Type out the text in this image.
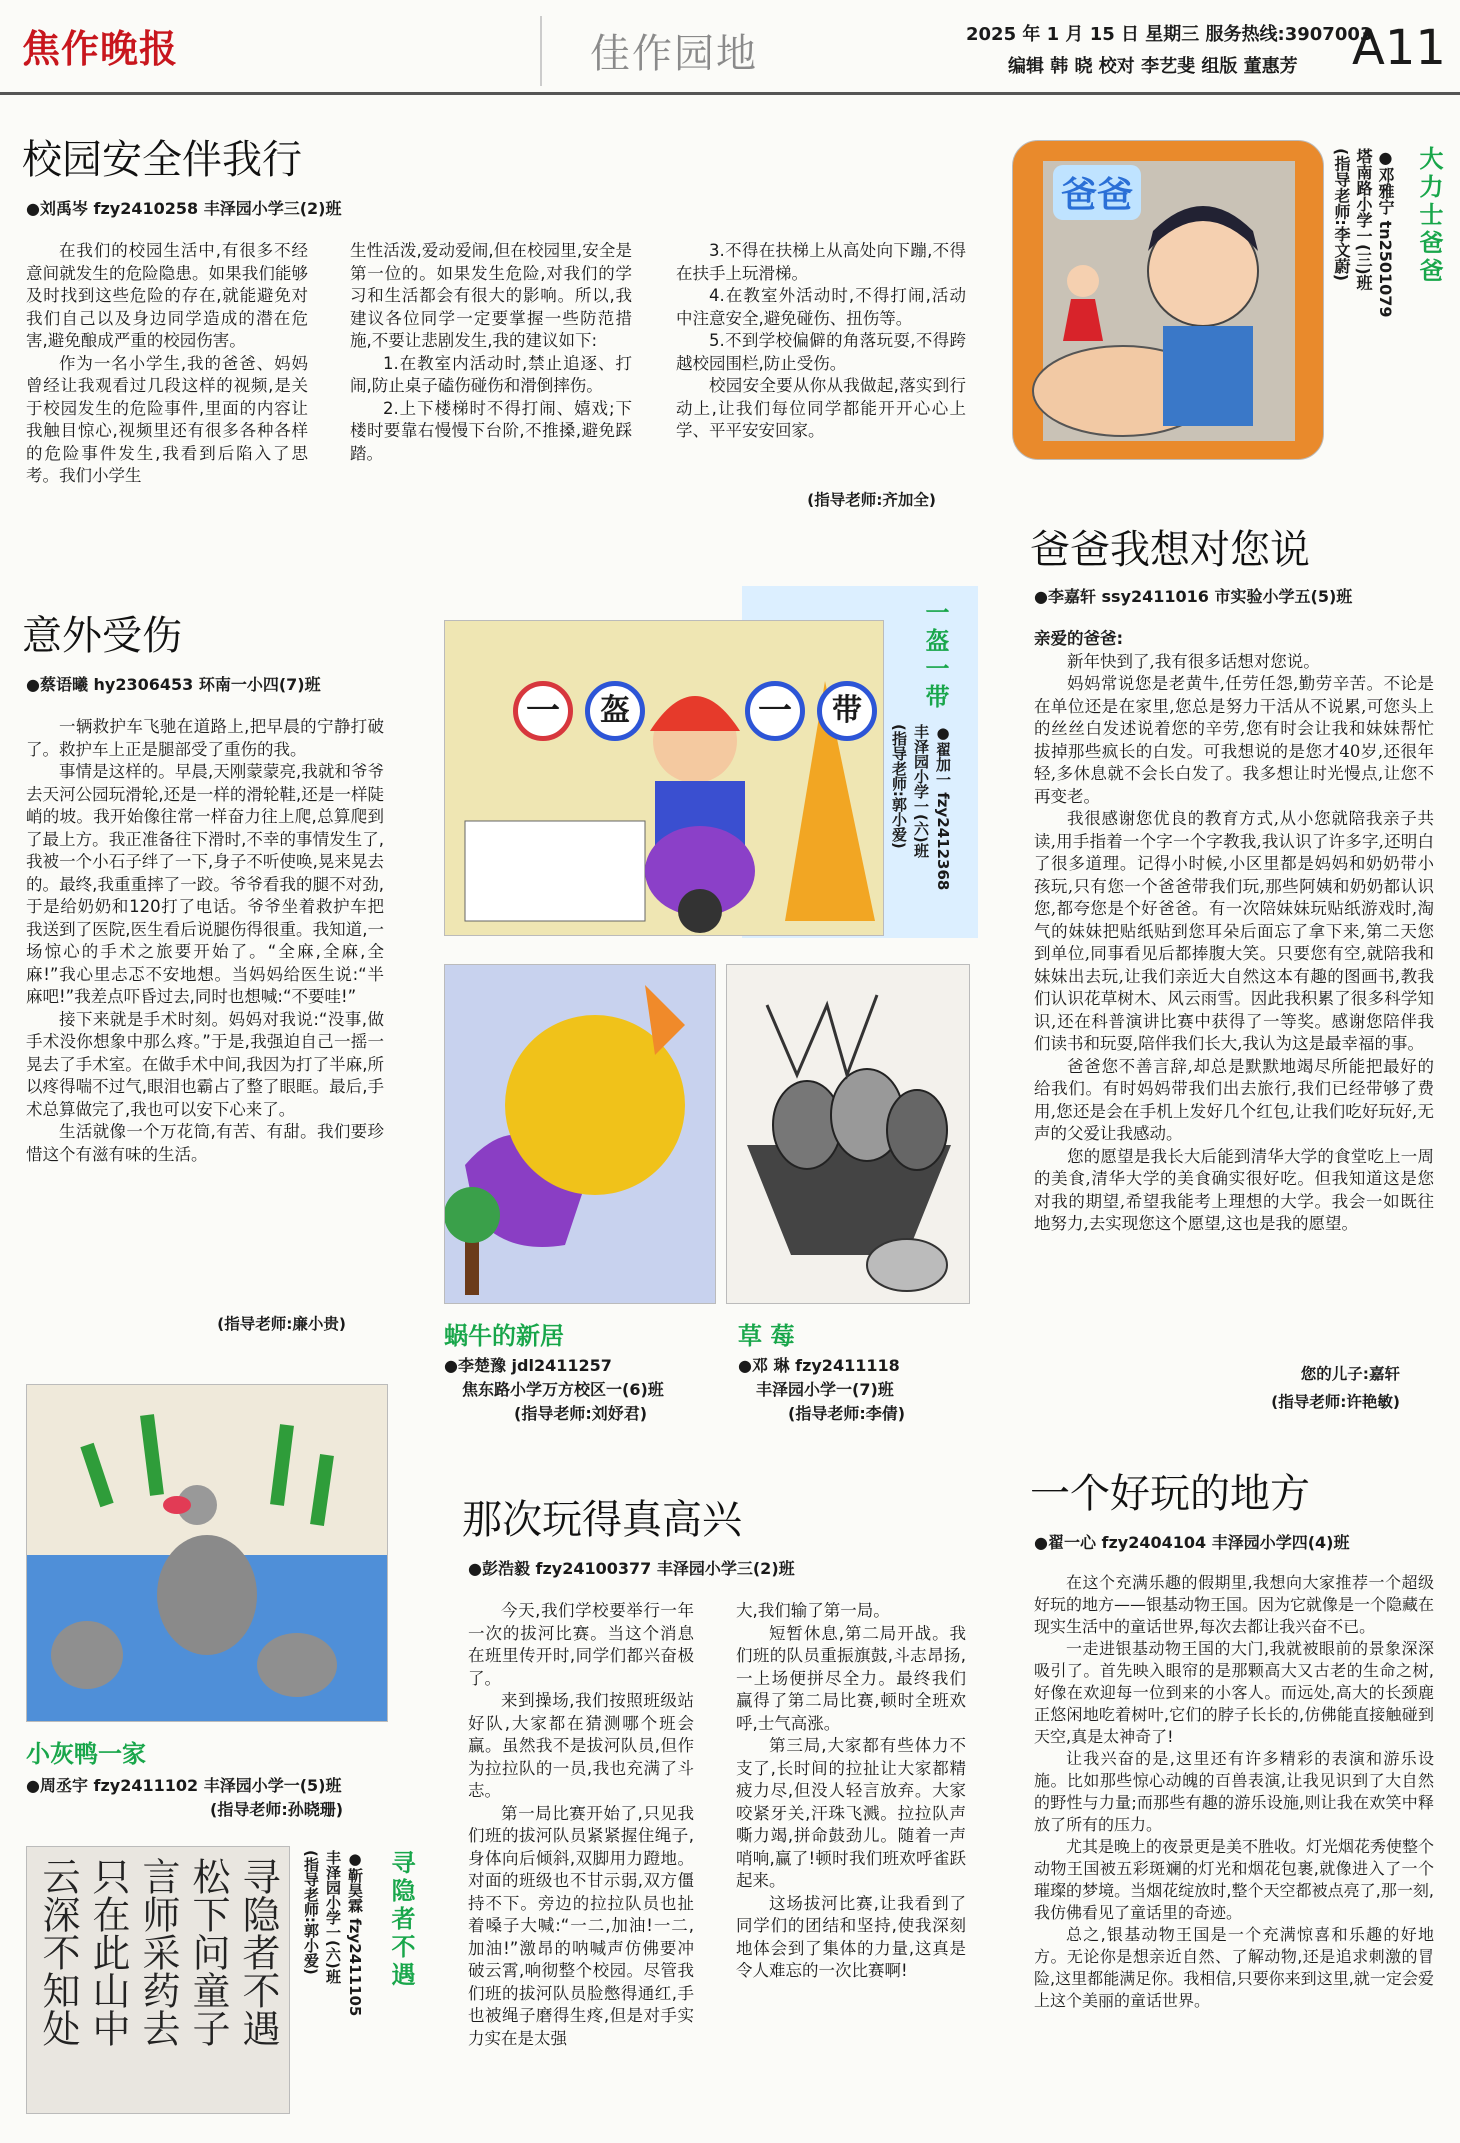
焦作晚报	佳作园地	2025 年 1 月 15 日 星期三 服务热线:3907003
编辑 韩 晓 校对 李艺斐 组版 董惠芳 A11
校园安全伴我行
●刘禹岑 fzy2410258 丰泽园小学三(2)班

在我们的校园生活中,有很多不经意间就发生的危险隐患。如果我们能够及时找到这些危险的存在,就能避免对我们自己以及身边同学造成的潜在危害,避免酿成严重的校园伤害。

作为一名小学生,我的爸爸、妈妈曾经让我观看过几段这样的视频,是关于校园发生的危险事件,里面的内容让我触目惊心,视频里还有很多各种各样的危险事件发生,我看到后陷入了思考。我们小学生

生性活泼,爱动爱闹,但在校园里,安全是第一位的。如果发生危险,对我们的学习和生活都会有很大的影响。所以,我建议各位同学一定要掌握一些防范措施,不要让悲剧发生,我的建议如下:

1.在教室内活动时,禁止追逐、打闹,防止桌子磕伤碰伤和滑倒摔伤。

2.上下楼梯时不得打闹、嬉戏;下楼时要靠右慢慢下台阶,不推搡,避免踩踏。

3.不得在扶梯上从高处向下蹦,不得在扶手上玩滑梯。

4.在教室外活动时,不得打闹,活动中注意安全,避免碰伤、扭伤等。

5.不到学校偏僻的角落玩耍,不得跨越校园围栏,防止受伤。

校园安全要从你从我做起,落实到行动上,让我们每位同学都能开开心心上学、平平安安回家。

(指导老师:齐加全)
爸爸	大力士爸爸
●邓雅宁 tn2501079
塔南路小学一(三)班
(指导老师:李文蔚)
意外受伤
●蔡语曦 hy2306453 环南一小四(7)班

一辆救护车飞驰在道路上,把早晨的宁静打破了。救护车上正是腿部受了重伤的我。

事情是这样的。早晨,天刚蒙蒙亮,我就和爷爷去天河公园玩滑轮,还是一样的滑轮鞋,还是一样陡峭的坡。我开始像往常一样奋力往上爬,总算爬到了最上方。我正准备往下滑时,不幸的事情发生了,我被一个小石子绊了一下,身子不听使唤,晃来晃去的。最终,我重重摔了一跤。爷爷看我的腿不对劲,于是给奶奶和120打了电话。爷爷坐着救护车把我送到了医院,医生看后说腿伤得很重。我知道,一场惊心的手术之旅要开始了。“全麻,全麻,全麻!”我心里忐忑不安地想。当妈妈给医生说:“半麻吧!”我差点吓昏过去,同时也想喊:“不要哇!”

接下来就是手术时刻。妈妈对我说:“没事,做手术没你想象中那么疼。”于是,我强迫自己一摇一晃去了手术室。在做手术中间,我因为打了半麻,所以疼得喘不过气,眼泪也霸占了整了眼眶。最后,手术总算做完了,我也可以安下心来了。

生活就像一个万花筒,有苦、有甜。我们要珍惜这个有滋有味的生活。

(指导老师:廉小贵)
一	盔	一	带	一盔一带
●翟加一 fzy2412368
丰泽园小学一(六)班
(指导老师:郭小爱)
蜗牛的新居
●李楚豫 jdl2411257
焦东路小学万方校区一(6)班
(指导老师:刘妤君)
草 莓
●邓 琳 fzy2411118
丰泽园小学一(7)班
(指导老师:李倩)
爸爸我想对您说
●李嘉轩 ssy2411016 市实验小学五(5)班
亲爱的爸爸:

新年快到了,我有很多话想对您说。

妈妈常说您是老黄牛,任劳任怨,勤劳辛苦。不论是在单位还是在家里,您总是努力干活从不说累,可您头上的丝丝白发述说着您的辛劳,您有时会让我和妹妹帮忙拔掉那些疯长的白发。可我想说的是您才40岁,还很年轻,多休息就不会长白发了。我多想让时光慢点,让您不再变老。

我很感谢您优良的教育方式,从小您就陪我亲子共读,用手指着一个字一个字教我,我认识了许多字,还明白了很多道理。记得小时候,小区里都是妈妈和奶奶带小孩玩,只有您一个爸爸带我们玩,那些阿姨和奶奶都认识您,都夸您是个好爸爸。有一次陪妹妹玩贴纸游戏时,淘气的妹妹把贴纸贴到您耳朵后面忘了拿下来,第二天您到单位,同事看见后都捧腹大笑。只要您有空,就陪我和妹妹出去玩,让我们亲近大自然这本有趣的图画书,教我们认识花草树木、风云雨雪。因此我积累了很多科学知识,还在科普演讲比赛中获得了一等奖。感谢您陪伴我们读书和玩耍,陪伴我们长大,我认为这是最幸福的事。

爸爸您不善言辞,却总是默默地竭尽所能把最好的给我们。有时妈妈带我们出去旅行,我们已经带够了费用,您还是会在手机上发好几个红包,让我们吃好玩好,无声的父爱让我感动。

您的愿望是我长大后能到清华大学的食堂吃上一周的美食,清华大学的美食确实很好吃。但我知道这是您对我的期望,希望我能考上理想的大学。我会一如既往地努力,去实现您这个愿望,这也是我的愿望。

您的儿子:嘉轩
(指导老师:许艳敏)
小灰鸭一家
●周丞宇 fzy2411102 丰泽园小学一(5)班
(指导老师:孙晓珊)
寻隐者不遇
松下问童子
言师采药去
只在此山中
云深不知处	寻隐者不遇
●靳昊霖 fzy2411105
丰泽园小学一(六)班
(指导老师:郭小爱)
那次玩得真高兴
●彭浩毅 fzy24100377 丰泽园小学三(2)班

今天,我们学校要举行一年一次的拔河比赛。当这个消息在班里传开时,同学们都兴奋极了。

来到操场,我们按照班级站好队,大家都在猜测哪个班会赢。虽然我不是拔河队员,但作为拉拉队的一员,我也充满了斗志。

第一局比赛开始了,只见我们班的拔河队员紧紧握住绳子,身体向后倾斜,双脚用力蹬地。对面的班级也不甘示弱,双方僵持不下。旁边的拉拉队员也扯着嗓子大喊:“一二,加油!一二,加油!”激昂的呐喊声仿佛要冲破云霄,响彻整个校园。尽管我们班的拔河队员脸憋得通红,手也被绳子磨得生疼,但是对手实力实在是太强

大,我们输了第一局。

短暂休息,第二局开战。我们班的队员重振旗鼓,斗志昂扬,一上场便拼尽全力。最终我们赢得了第二局比赛,顿时全班欢呼,士气高涨。

第三局,大家都有些体力不支了,长时间的拉扯让大家都精疲力尽,但没人轻言放弃。大家咬紧牙关,汗珠飞溅。拉拉队声嘶力竭,拼命鼓劲儿。随着一声哨响,赢了!顿时我们班欢呼雀跃起来。

这场拔河比赛,让我看到了同学们的团结和坚持,使我深刻地体会到了集体的力量,这真是令人难忘的一次比赛啊!

一个好玩的地方
●翟一心 fzy2404104 丰泽园小学四(4)班

在这个充满乐趣的假期里,我想向大家推荐一个超级好玩的地方——银基动物王国。因为它就像是一个隐藏在现实生活中的童话世界,每次去都让我兴奋不已。

一走进银基动物王国的大门,我就被眼前的景象深深吸引了。首先映入眼帘的是那颗高大又古老的生命之树,好像在欢迎每一位到来的小客人。而远处,高大的长颈鹿正悠闲地吃着树叶,它们的脖子长长的,仿佛能直接触碰到天空,真是太神奇了!

让我兴奋的是,这里还有许多精彩的表演和游乐设施。比如那些惊心动魄的百兽表演,让我见识到了大自然的野性与力量;而那些有趣的游乐设施,则让我在欢笑中释放了所有的压力。

尤其是晚上的夜景更是美不胜收。灯光烟花秀使整个动物王国被五彩斑斓的灯光和烟花包裹,就像进入了一个璀璨的梦境。当烟花绽放时,整个天空都被点亮了,那一刻,我仿佛看见了童话里的奇迹。

总之,银基动物王国是一个充满惊喜和乐趣的好地方。无论你是想亲近自然、了解动物,还是追求刺激的冒险,这里都能满足你。我相信,只要你来到这里,就一定会爱上这个美丽的童话世界。
